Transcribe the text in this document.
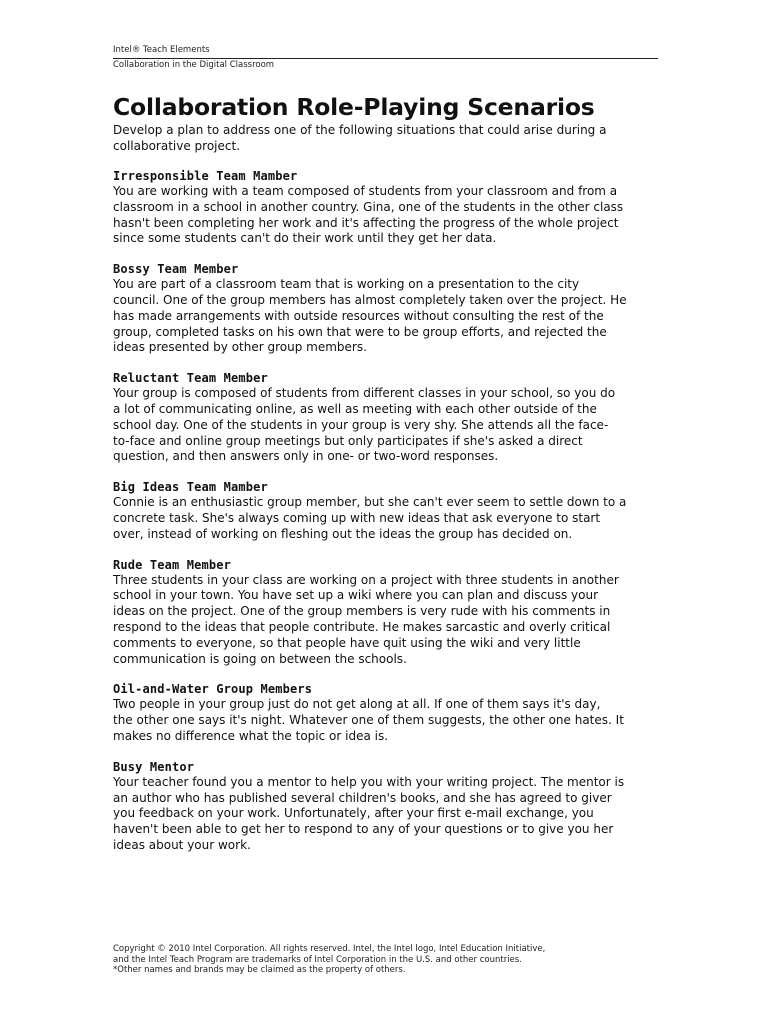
Intel® Teach Elements
Collaboration in the Digital Classroom
Collaboration Role-Playing Scenarios

Develop a plan to address one of the following situations that could arise during a
collaborative project.

Irresponsible Team Mamber

You are working with a team composed of students from your classroom and from a
classroom in a school in another country. Gina, one of the students in the other class
hasn't been completing her work and it's affecting the progress of the whole project
since some students can't do their work until they get her data.

Bossy Team Member

You are part of a classroom team that is working on a presentation to the city
council. One of the group members has almost completely taken over the project. He
has made arrangements with outside resources without consulting the rest of the
group, completed tasks on his own that were to be group efforts, and rejected the
ideas presented by other group members.

Reluctant Team Member

Your group is composed of students from different classes in your school, so you do
a lot of communicating online, as well as meeting with each other outside of the
school day. One of the students in your group is very shy. She attends all the face-
to-face and online group meetings but only participates if she's asked a direct
question, and then answers only in one- or two-word responses.

Big Ideas Team Mamber

Connie is an enthusiastic group member, but she can't ever seem to settle down to a
concrete task. She's always coming up with new ideas that ask everyone to start
over, instead of working on fleshing out the ideas the group has decided on.

Rude Team Member

Three students in your class are working on a project with three students in another
school in your town. You have set up a wiki where you can plan and discuss your
ideas on the project. One of the group members is very rude with his comments in
respond to the ideas that people contribute. He makes sarcastic and overly critical
comments to everyone, so that people have quit using the wiki and very little
communication is going on between the schools.

Oil-and-Water Group Members

Two people in your group just do not get along at all. If one of them says it's day,
the other one says it's night. Whatever one of them suggests, the other one hates. It
makes no difference what the topic or idea is.

Busy Mentor

Your teacher found you a mentor to help you with your writing project. The mentor is
an author who has published several children's books, and she has agreed to giver
you feedback on your work. Unfortunately, after your first e-mail exchange, you
haven't been able to get her to respond to any of your questions or to give you her
ideas about your work.

Copyright © 2010 Intel Corporation. All rights reserved. Intel, the Intel logo, Intel Education Initiative,
and the Intel Teach Program are trademarks of Intel Corporation in the U.S. and other countries.
*Other names and brands may be claimed as the property of others.
